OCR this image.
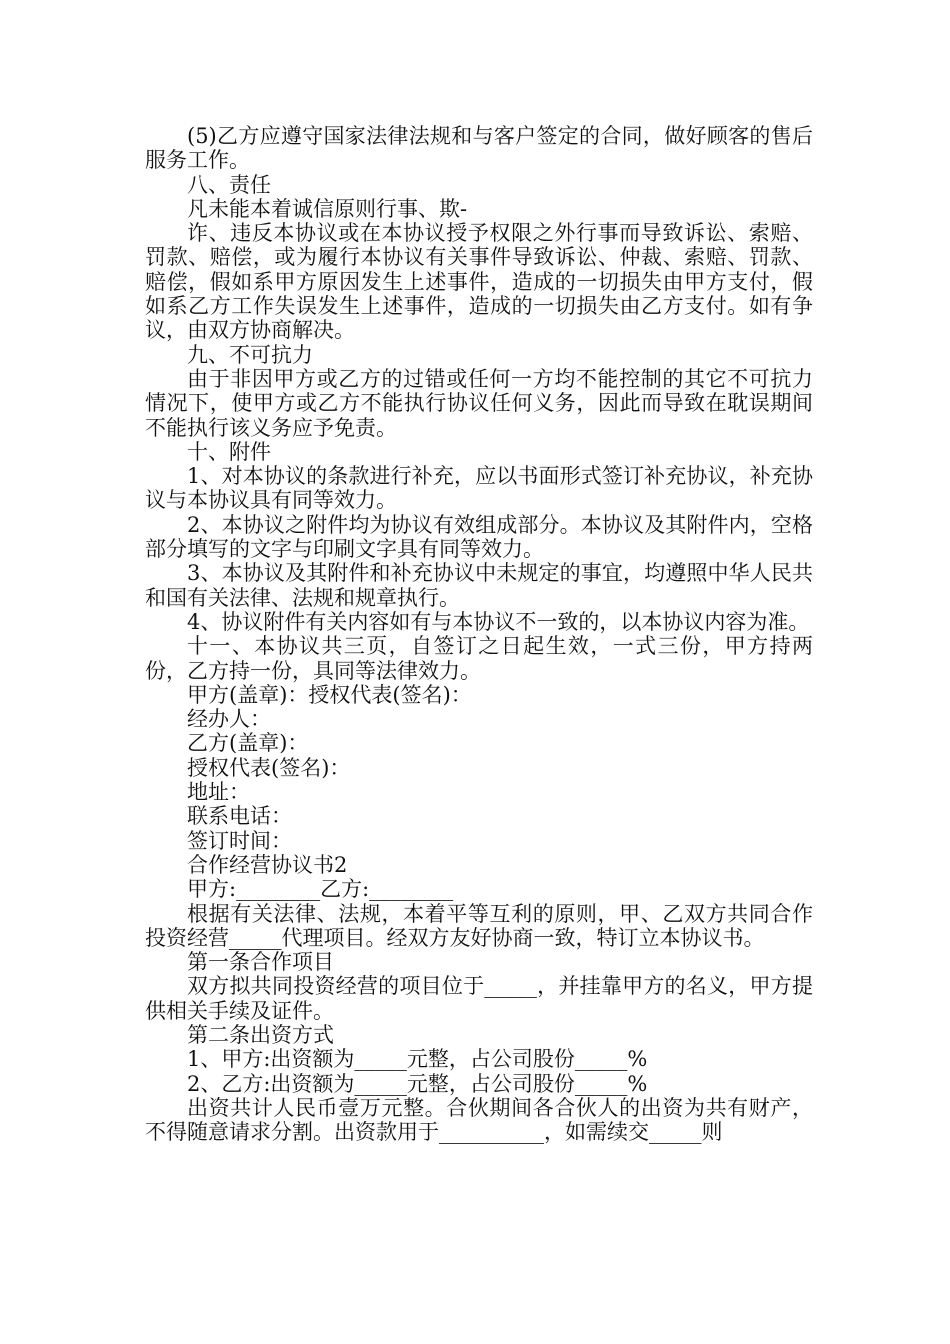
(5)乙方应遵守国家法律法规和与客户签定的合同，做好顾客的售后服务工作。

八、责任

凡未能本着诚信原则行事、欺-

诈、违反本协议或在本协议授予权限之外行事而导致诉讼、索赔、罚款、赔偿，或为履行本协议有关事件导致诉讼、仲裁、索赔、罚款、赔偿，假如系甲方原因发生上述事件，造成的一切损失由甲方支付，假如系乙方工作失误发生上述事件，造成的一切损失由乙方支付。如有争议，由双方协商解决。

九、不可抗力

由于非因甲方或乙方的过错或任何一方均不能控制的其它不可抗力情况下，使甲方或乙方不能执行协议任何义务，因此而导致在耽误期间不能执行该义务应予免责。

十、附件

1、对本协议的条款进行补充，应以书面形式签订补充协议，补充协议与本协议具有同等效力。

2、本协议之附件均为协议有效组成部分。本协议及其附件内，空格部分填写的文字与印刷文字具有同等效力。

3、本协议及其附件和补充协议中未规定的事宜，均遵照中华人民共和国有关法律、法规和规章执行。

4、协议附件有关内容如有与本协议不一致的，以本协议内容为准。

十一、本协议共三页，自签订之日起生效，一式三份，甲方持两份，乙方持一份，具同等法律效力。

甲方(盖章)：授权代表(签名)：

经办人：

乙方(盖章)：

授权代表(签名)：

地址：

联系电话：

签订时间：

合作经营协议书2

甲方:________乙方:________

根据有关法律、法规，本着平等互利的原则，甲、乙双方共同合作投资经营_____代理项目。经双方友好协商一致，特订立本协议书。

第一条合作项目

双方拟共同投资经营的项目位于_____，并挂靠甲方的名义，甲方提供相关手续及证件。

第二条出资方式

1、甲方:出资额为_____元整，占公司股份_____%

2、乙方:出资额为_____元整，占公司股份_____%

出资共计人民币壹万元整。合伙期间各合伙人的出资为共有财产，不得随意请求分割。出资款用于__________，如需续交_____则
